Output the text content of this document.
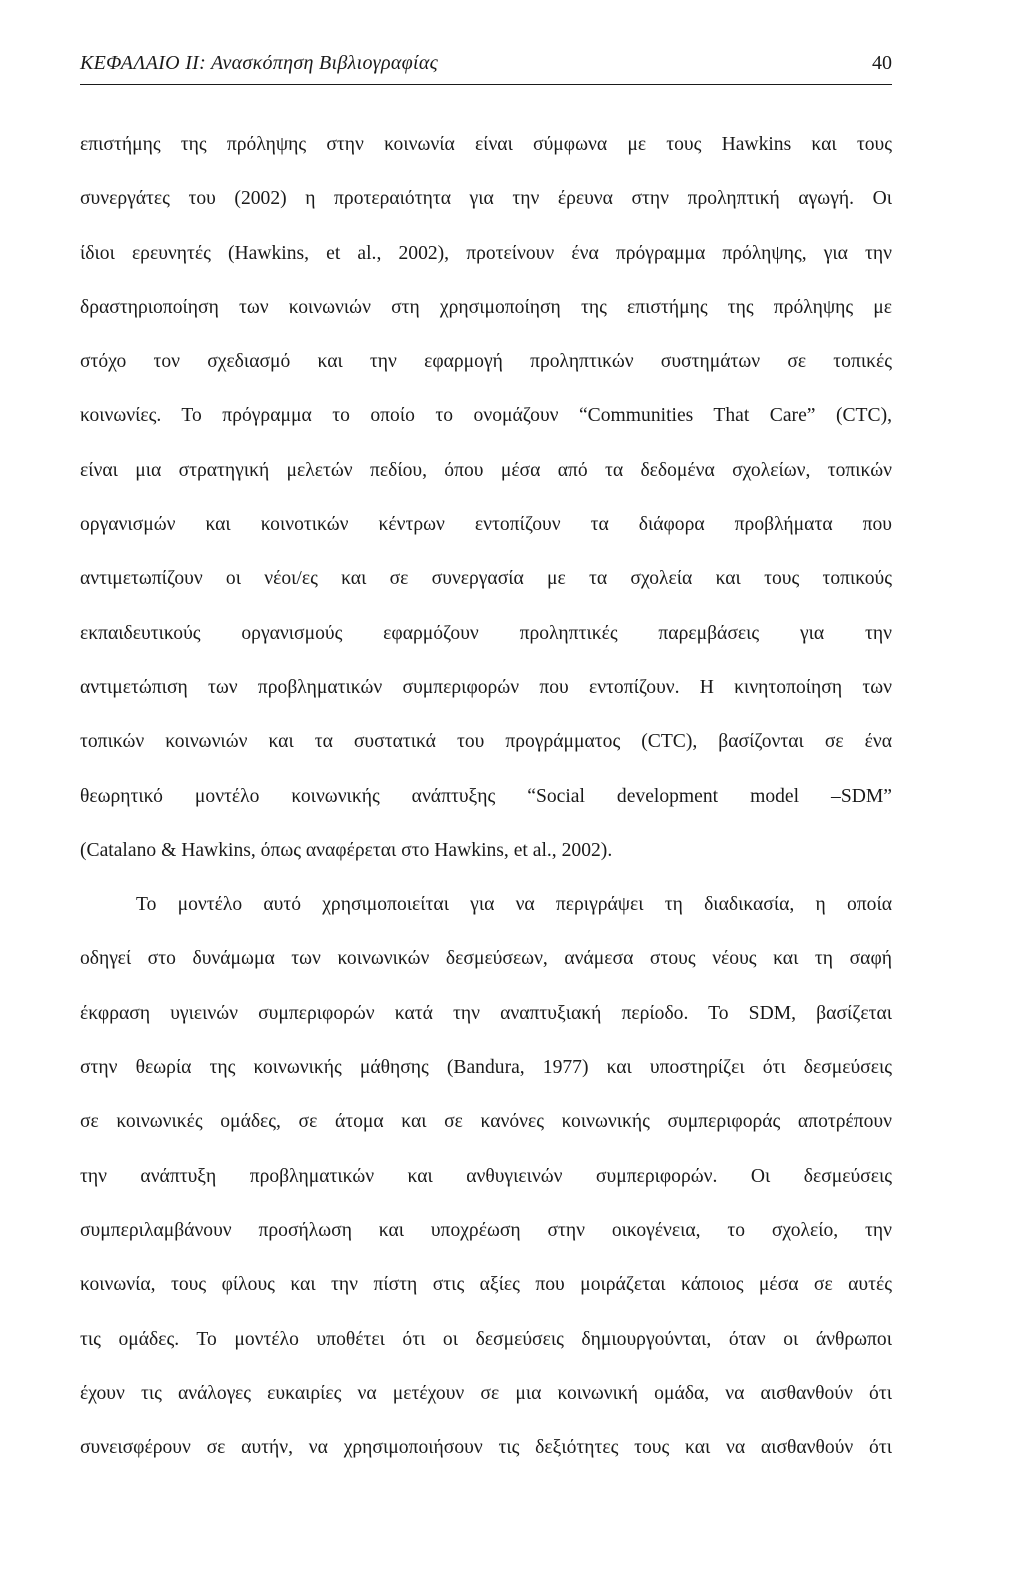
ΚΕΦΑΛΑΙΟ ΙΙ: Ανασκόπηση Βιβλιογραφίας	40
επιστήμης της πρόληψης στην κοινωνία είναι σύμφωνα με τους Hawkins και τους
συνεργάτες του (2002) η προτεραιότητα για την έρευνα στην προληπτική αγωγή. Οι
ίδιοι ερευνητές (Hawkins, et al., 2002), προτείνουν ένα πρόγραμμα πρόληψης, για την
δραστηριοποίηση των κοινωνιών στη χρησιμοποίηση της επιστήμης της πρόληψης με
στόχο τον σχεδιασμό και την εφαρμογή προληπτικών συστημάτων σε τοπικές
κοινωνίες. Το πρόγραμμα το οποίο το ονομάζουν “Communities That Care” (CTC),
είναι μια στρατηγική μελετών πεδίου, όπου μέσα από τα δεδομένα σχολείων, τοπικών
οργανισμών και κοινοτικών κέντρων εντοπίζουν τα διάφορα προβλήματα που
αντιμετωπίζουν οι νέοι/ες και σε συνεργασία με τα σχολεία και τους τοπικούς
εκπαιδευτικούς οργανισμούς εφαρμόζουν προληπτικές παρεμβάσεις για την
αντιμετώπιση των προβληματικών συμπεριφορών που εντοπίζουν. Η κινητοποίηση των
τοπικών κοινωνιών και τα συστατικά του προγράμματος (CTC), βασίζονται σε ένα
θεωρητικό μοντέλο κοινωνικής ανάπτυξης “Social development model –SDM”
(Catalano & Hawkins, όπως αναφέρεται στο Hawkins, et al., 2002).
Το μοντέλο αυτό χρησιμοποιείται για να περιγράψει τη διαδικασία, η οποία
οδηγεί στο δυνάμωμα των κοινωνικών δεσμεύσεων, ανάμεσα στους νέους και τη σαφή
έκφραση υγιεινών συμπεριφορών κατά την αναπτυξιακή περίοδο. Το SDM, βασίζεται
στην θεωρία της κοινωνικής μάθησης (Bandura, 1977) και υποστηρίζει ότι δεσμεύσεις
σε κοινωνικές ομάδες, σε άτομα και σε κανόνες κοινωνικής συμπεριφοράς αποτρέπουν
την ανάπτυξη προβληματικών και ανθυγιεινών συμπεριφορών. Οι δεσμεύσεις
συμπεριλαμβάνουν προσήλωση και υποχρέωση στην οικογένεια, το σχολείο, την
κοινωνία, τους φίλους και την πίστη στις αξίες που μοιράζεται κάποιος μέσα σε αυτές
τις ομάδες. Το μοντέλο υποθέτει ότι οι δεσμεύσεις δημιουργούνται, όταν οι άνθρωποι
έχουν τις ανάλογες ευκαιρίες να μετέχουν σε μια κοινωνική ομάδα, να αισθανθούν ότι
συνεισφέρουν σε αυτήν, να χρησιμοποιήσουν τις δεξιότητες τους και να αισθανθούν ότι
